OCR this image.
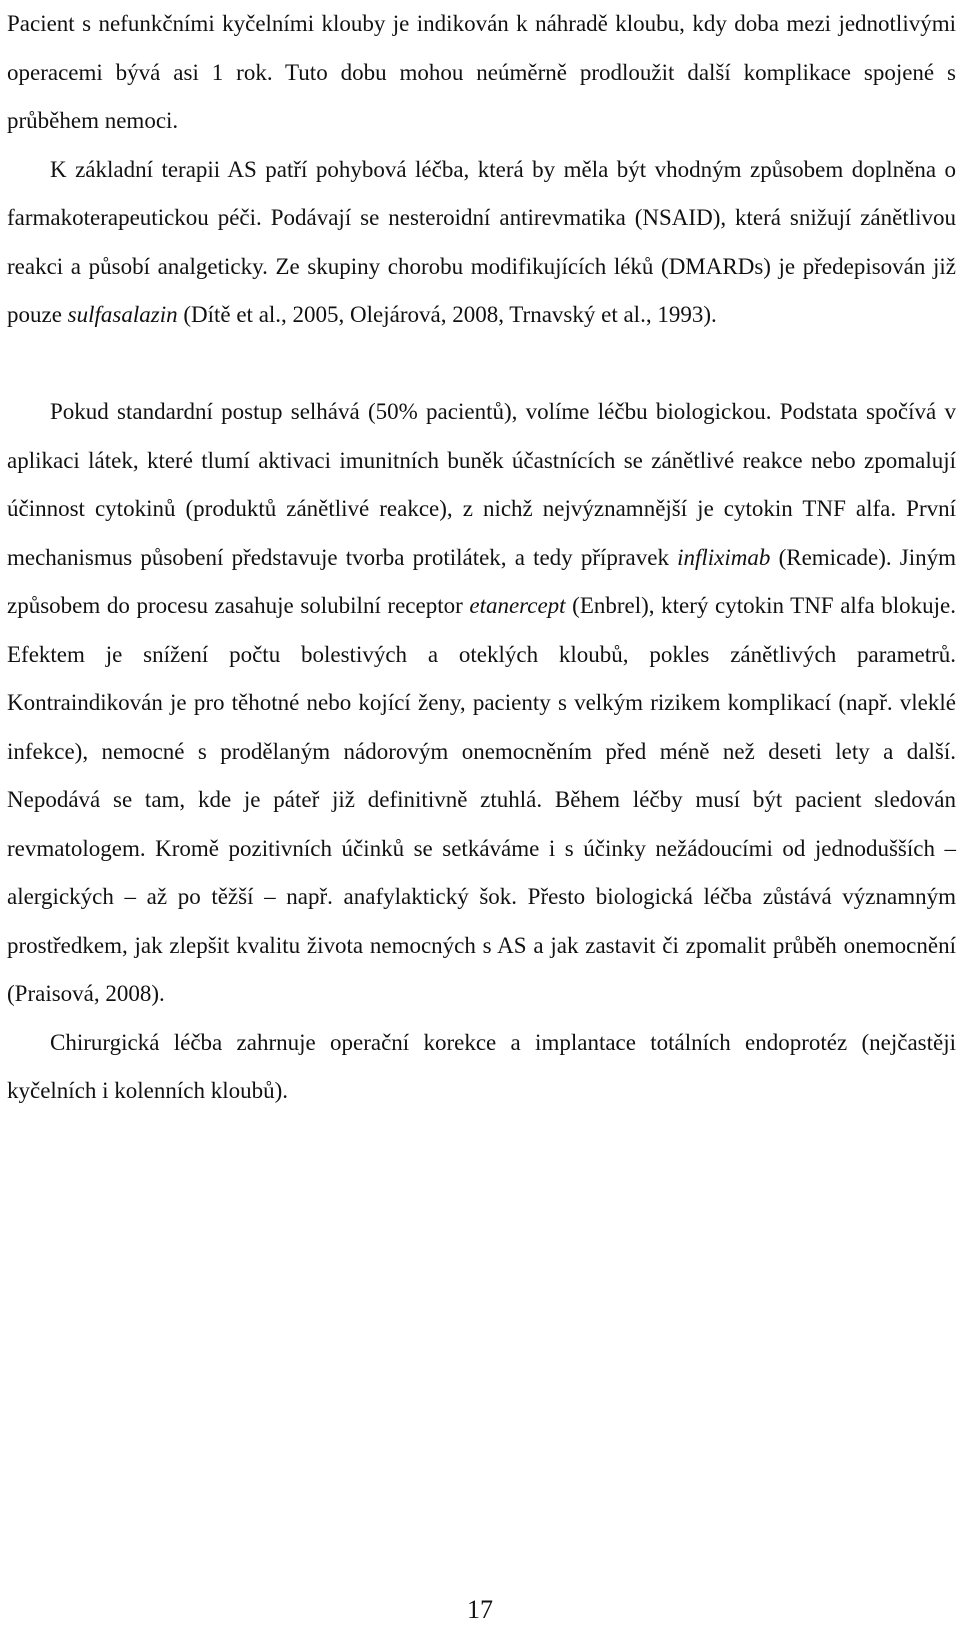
Pacient s nefunkčními kyčelními klouby je indikován k náhradě kloubu, kdy doba mezi jednotlivými operacemi bývá asi 1 rok. Tuto dobu mohou neúměrně prodloužit další komplikace spojené s průběhem nemoci.

K základní terapii AS patří pohybová léčba, která by měla být vhodným způsobem doplněna o farmakoterapeutickou péči. Podávají se nesteroidní antirevmatika (NSAID), která snižují zánětlivou reakci a působí analgeticky. Ze skupiny chorobu modifikujících léků (DMARDs) je předepisován již pouze sulfasalazin (Dítě et al., 2005, Olejárová, 2008, Trnavský et al., 1993).

Pokud standardní postup selhává (50% pacientů), volíme léčbu biologickou. Podstata spočívá v aplikaci látek, které tlumí aktivaci imunitních buněk účastnících se zánětlivé reakce nebo zpomalují účinnost cytokinů (produktů zánětlivé reakce), z nichž nejvýznamnější je cytokin TNF alfa. První mechanismus působení představuje tvorba protilátek, a tedy přípravek infliximab (Remicade). Jiným způsobem do procesu zasahuje solubilní receptor etanercept (Enbrel), který cytokin TNF alfa blokuje. Efektem je snížení počtu bolestivých a oteklých kloubů, pokles zánětlivých parametrů. Kontraindikován je pro těhotné nebo kojící ženy, pacienty s velkým rizikem komplikací (např. vleklé infekce), nemocné s prodělaným nádorovým onemocněním před méně než deseti lety a další. Nepodává se tam, kde je páteř již definitivně ztuhlá. Během léčby musí být pacient sledován revmatologem. Kromě pozitivních účinků se setkáváme i s účinky nežádoucími od jednodušších – alergických – až po těžší – např. anafylaktický šok. Přesto biologická léčba zůstává významným prostředkem, jak zlepšit kvalitu života nemocných s AS a jak zastavit či zpomalit průběh onemocnění (Praisová, 2008).

Chirurgická léčba zahrnuje operační korekce a implantace totálních endoprotéz (nejčastěji kyčelních i kolenních kloubů).

17
